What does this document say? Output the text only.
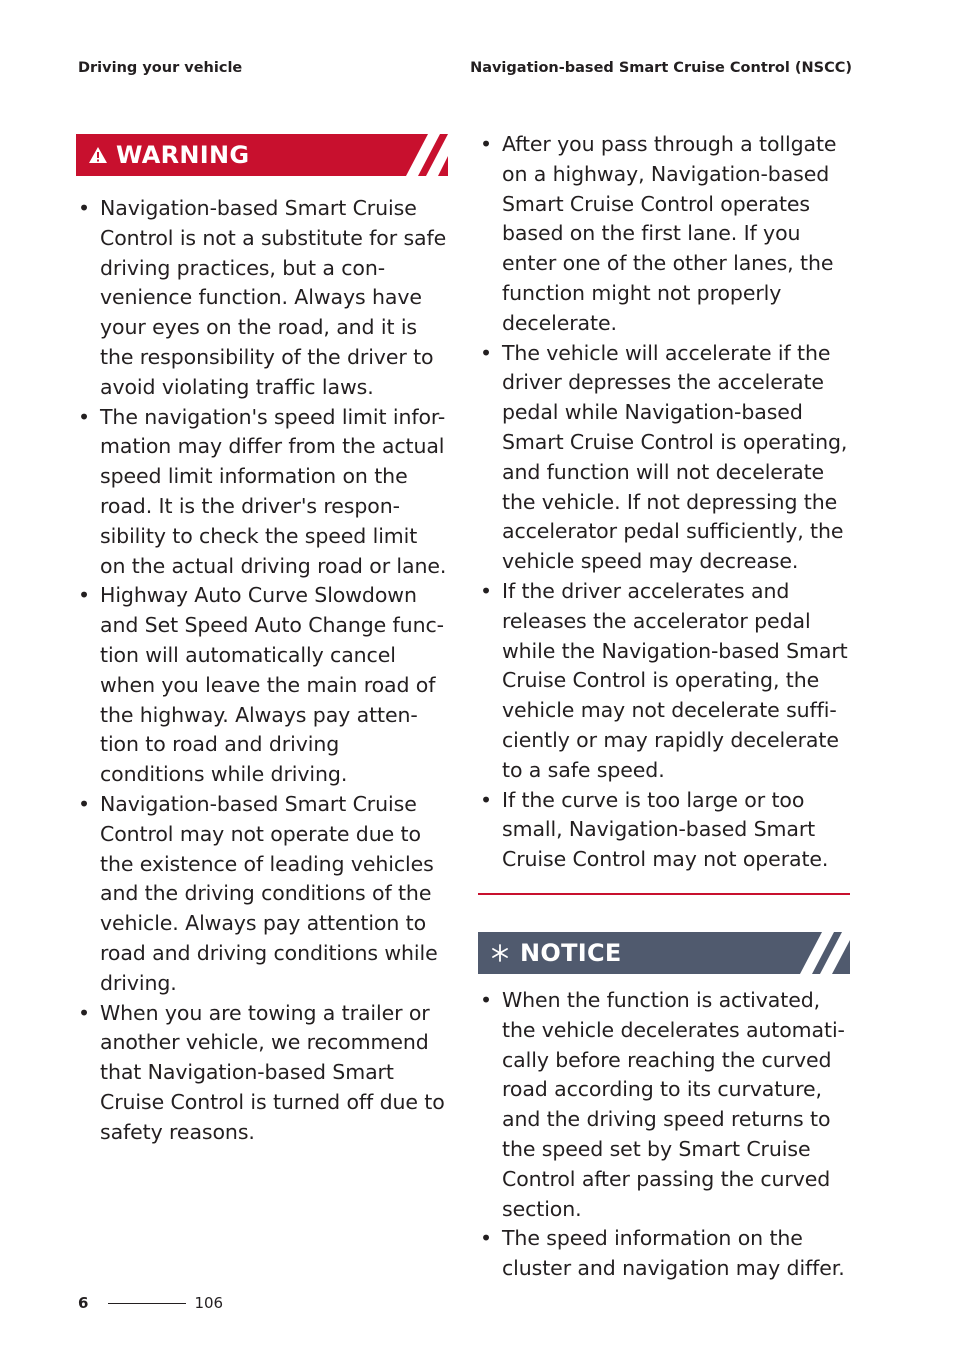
Driving your vehicle	Navigation-based Smart Cruise Control (NSCC)
WARNING
• Navigation-based Smart Cruise Control is not a substitute for safe driving practices, but a con-venience function. Always have your eyes on the road, and it is the responsibility of the driver to avoid violating traffic laws.
• The navigation's speed limit infor-mation may differ from the actual speed limit information on the road. It is the driver's respon-sibility to check the speed limit on the actual driving road or lane.
• Highway Auto Curve Slowdown and Set Speed Auto Change func-tion will automatically cancel when you leave the main road of the highway. Always pay atten-tion to road and driving conditions while driving.
• Navigation-based Smart Cruise Control may not operate due to the existence of leading vehicles and the driving conditions of the vehicle. Always pay attention to road and driving conditions while driving.
• When you are towing a trailer or another vehicle, we recommend that Navigation-based Smart Cruise Control is turned off due to safety reasons.
• After you pass through a tollgate on a highway, Navigation-based Smart Cruise Control operates based on the first lane. If you enter one of the other lanes, the function might not properly decelerate.
• The vehicle will accelerate if the driver depresses the accelerate pedal while Navigation-based Smart Cruise Control is operating, and function will not decelerate the vehicle. If not depressing the accelerator pedal sufficiently, the vehicle speed may decrease.
• If the driver accelerates and releases the accelerator pedal while the Navigation-based Smart Cruise Control is operating, the vehicle may not decelerate suffi-ciently or may rapidly decelerate to a safe speed.
• If the curve is too large or too small, Navigation-based Smart Cruise Control may not operate.
NOTICE
• When the function is activated, the vehicle decelerates automati-cally before reaching the curved road according to its curvature, and the driving speed returns to the speed set by Smart Cruise Control after passing the curved section.
• The speed information on the cluster and navigation may differ.
6	106
